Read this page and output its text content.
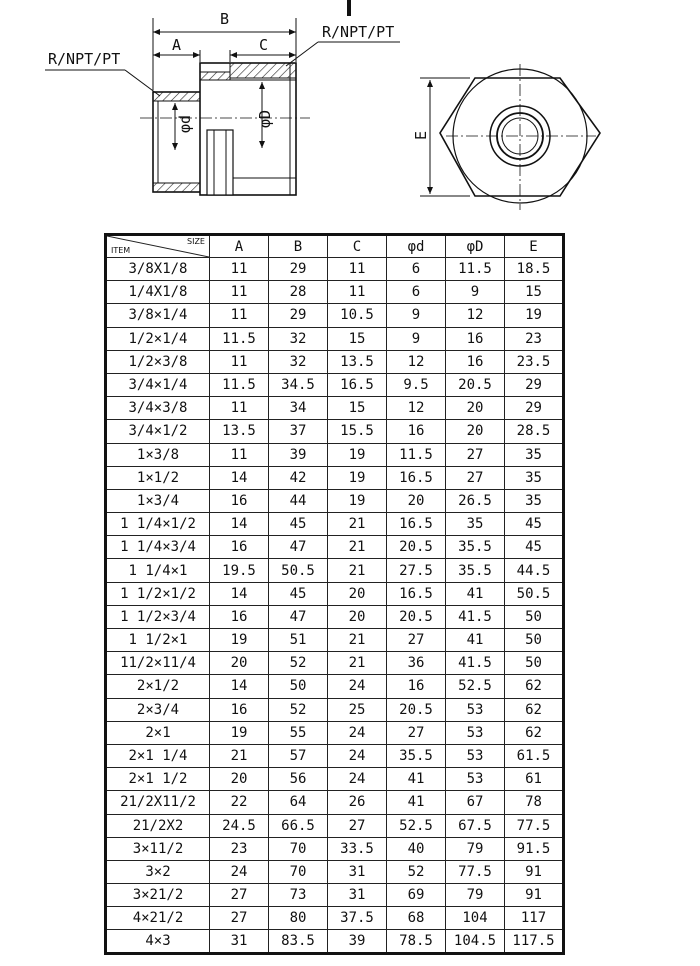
B
A	C
R/NPT/PT
R/NPT/PT
φd	φD
E
SIZE
ITEM	A	B	C	φd	φD	E
3/8X1/8	11	29	11	6	11.5	18.5
1/4X1/8	11	28	11	6	9	15
3/8×1/4	11	29	10.5	9	12	19
1/2×1/4	11.5	32	15	9	16	23
1/2×3/8	11	32	13.5	12	16	23.5
3/4×1/4	11.5	34.5	16.5	9.5	20.5	29
3/4×3/8	11	34	15	12	20	29
3/4×1/2	13.5	37	15.5	16	20	28.5
1×3/8	11	39	19	11.5	27	35
1×1/2	14	42	19	16.5	27	35
1×3/4	16	44	19	20	26.5	35
1 1/4×1/2	14	45	21	16.5	35	45
1 1/4×3/4	16	47	21	20.5	35.5	45
1 1/4×1	19.5	50.5	21	27.5	35.5	44.5
1 1/2×1/2	14	45	20	16.5	41	50.5
1 1/2×3/4	16	47	20	20.5	41.5	50
1 1/2×1	19	51	21	27	41	50
11/2×11/4	20	52	21	36	41.5	50
2×1/2	14	50	24	16	52.5	62
2×3/4	16	52	25	20.5	53	62
2×1	19	55	24	27	53	62
2×1 1/4	21	57	24	35.5	53	61.5
2×1 1/2	20	56	24	41	53	61
21/2X11/2	22	64	26	41	67	78
21/2X2	24.5	66.5	27	52.5	67.5	77.5
3×11/2	23	70	33.5	40	79	91.5
3×2	24	70	31	52	77.5	91
3×21/2	27	73	31	69	79	91
4×21/2	27	80	37.5	68	104	117
4×3	31	83.5	39	78.5	104.5	117.5
